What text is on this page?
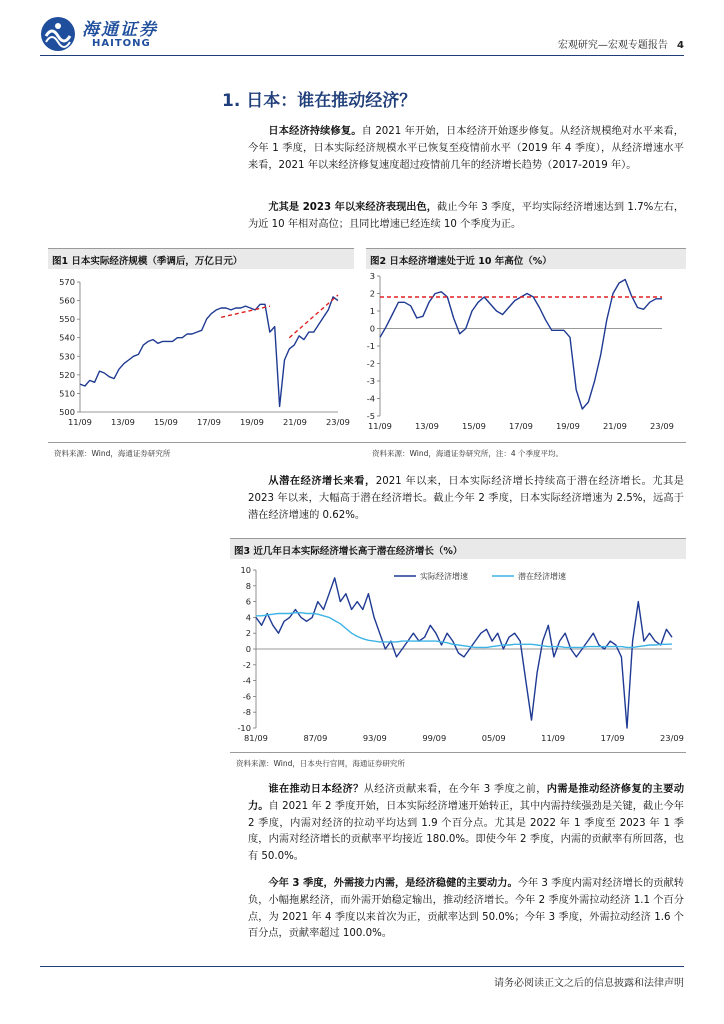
海通证券
HAITONG	宏观研究—宏观专题报告 4
1. 日本：谁在推动经济？
日本经济持续修复。自 2021 年开始，日本经济开始逐步修复。从经济规模绝对水平来看，今年 1 季度，日本实际经济规模水平已恢复至疫情前水平（2019 年 4 季度），从经济增速水平来看，2021 年以来经济修复速度超过疫情前几年的经济增长趋势（2017-2019 年）。
尤其是 2023 年以来经济表现出色，截止今年 3 季度，平均实际经济增速达到 1.7%左右，为近 10 年相对高位；且同比增速已经连续 10 个季度为正。
图1 日本实际经济规模（季调后，万亿日元）	图2 日本经济增速处于近 10 年高位（%）
500
510
520
530
540
550
560
570
11/09 13/09 15/09 17/09 19/09 21/09 23/09
3
2
1
0
-1
-2
-3
-4
-5
11/09	13/09	15/09	17/09	19/09	21/09	23/09
资料来源：Wind，海通证券研究所	资料来源：Wind，海通证券研究所，注：4 个季度平均。
从潜在经济增长来看，2021 年以来，日本实际经济增长持续高于潜在经济增长。尤其是 2023 年以来，大幅高于潜在经济增长。截止今年 2 季度，日本实际经济增速为 2.5%，远高于潜在经济增速的 0.62%。
图3 近几年日本实际经济增长高于潜在经济增长（%）
10
8
6
4
2
0
-2
-4
-6
-8
-10
81/09	87/09	93/09	99/09	05/09	11/09	17/09	23/09
实际经济增速	潜在经济增速
资料来源：Wind，日本央行官网，海通证券研究所
谁在推动日本经济？从经济贡献来看，在今年 3 季度之前，内需是推动经济修复的主要动力。自 2021 年 2 季度开始，日本实际经济增速开始转正，其中内需持续强劲是关键，截止今年 2 季度，内需对经济的拉动平均达到 1.9 个百分点。尤其是 2022 年 1 季度至 2023 年 1 季度，内需对经济增长的贡献率平均接近 180.0%。即使今年 2 季度，内需的贡献率有所回落，也有 50.0%。
今年 3 季度，外需接力内需，是经济稳健的主要动力。今年 3 季度内需对经济增长的贡献转负，小幅拖累经济，而外需开始稳定输出，推动经济增长。今年 2 季度外需拉动经济 1.1 个百分点，为 2021 年 4 季度以来首次为正，贡献率达到 50.0%；今年 3 季度，外需拉动经济 1.6 个百分点，贡献率超过 100.0%。
请务必阅读正文之后的信息披露和法律声明
